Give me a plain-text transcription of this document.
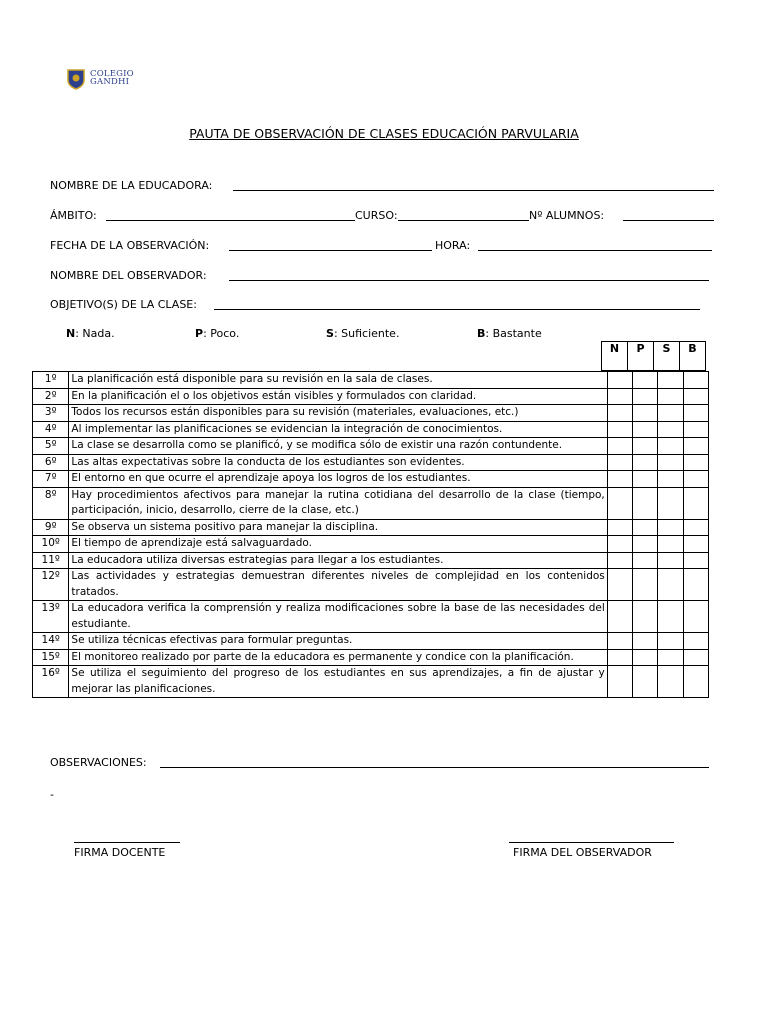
COLEGIO
GANDHI
PAUTA DE OBSERVACIÓN DE CLASES EDUCACIÓN PARVULARIA
NOMBRE DE LA EDUCADORA:
ÁMBITO:	CURSO:	Nº ALUMNOS:
FECHA DE LA OBSERVACIÓN:	HORA:
NOMBRE DEL OBSERVADOR:
OBJETIVO(S) DE LA CLASE:
N: Nada.	P: Poco.	S: Suficiente.	B: Bastante
N	P	S	B
1º	La planificación está disponible para su revisión en la sala de clases.				
2º	En la planificación el o los objetivos están visibles y formulados con claridad.				
3º	Todos los recursos están disponibles para su revisión (materiales, evaluaciones, etc.)				
4º	Al implementar las planificaciones se evidencian la integración de conocimientos.				
5º	La clase se desarrolla como se planificó, y se modifica sólo de existir una razón contundente.				
6º	Las altas expectativas sobre la conducta de los estudiantes son evidentes.				
7º	El entorno en que ocurre el aprendizaje apoya los logros de los estudiantes.				
8º	Hay procedimientos afectivos para manejar la rutina cotidiana del desarrollo de la clase (tiempo, participación, inicio, desarrollo, cierre de la clase, etc.)				
9º	Se observa un sistema positivo para manejar la disciplina.				
10º	El tiempo de aprendizaje está salvaguardado.				
11º	La educadora utiliza diversas estrategias para llegar a los estudiantes.				
12º	Las actividades y estrategias demuestran diferentes niveles de complejidad en los contenidos tratados.				
13º	La educadora verifica la comprensión y realiza modificaciones sobre la base de las necesidades del estudiante.				
14º	Se utiliza técnicas efectivas para formular preguntas.				
15º	El monitoreo realizado por parte de la educadora es permanente y condice con la planificación.				
16º	Se utiliza el seguimiento del progreso de los estudiantes en sus aprendizajes, a fin de ajustar y mejorar las planificaciones.				
OBSERVACIONES:
-
FIRMA DOCENTE	FIRMA DEL OBSERVADOR
